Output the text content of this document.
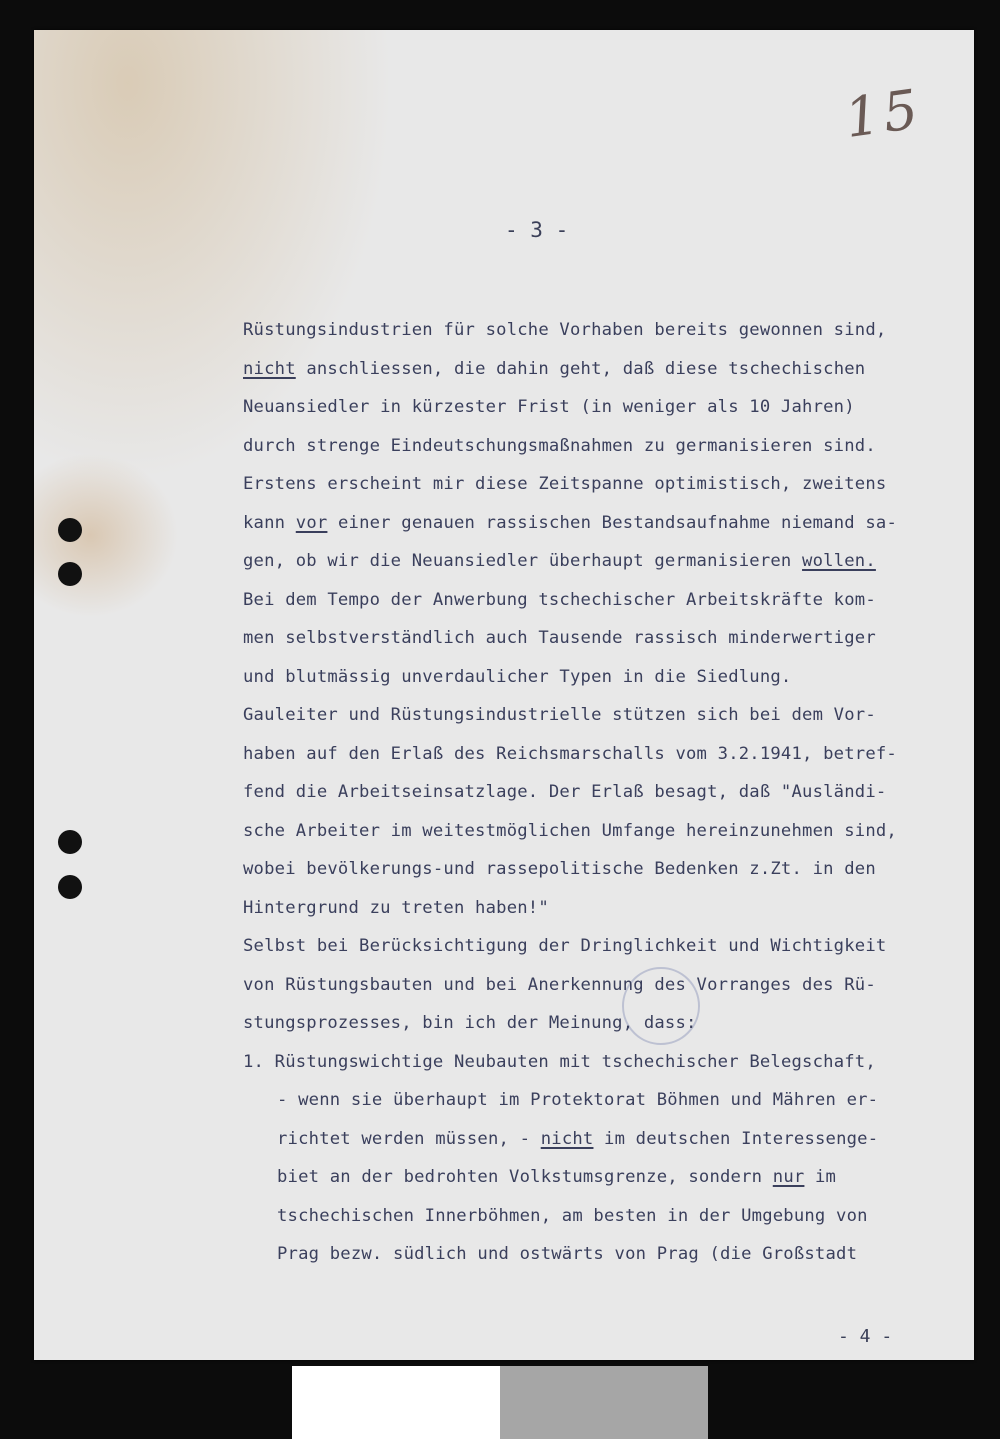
15
- 3 -
Rüstungsindustrien für solche Vorhaben bereits gewonnen sind,
nicht anschliessen, die dahin geht, daß diese tschechischen
Neuansiedler in kürzester Frist (in weniger als 10 Jahren)
durch strenge Eindeutschungsmaßnahmen zu germanisieren sind.
Erstens erscheint mir diese Zeitspanne optimistisch, zweitens
kann vor einer genauen rassischen Bestandsaufnahme niemand sa-
gen, ob wir die Neuansiedler überhaupt germanisieren wollen.
Bei dem Tempo der Anwerbung tschechischer Arbeitskräfte kom-
men selbstverständlich auch Tausende rassisch minderwertiger
und blutmässig unverdaulicher Typen in die Siedlung.
Gauleiter und Rüstungsindustrielle stützen sich bei dem Vor-
haben auf den Erlaß des Reichsmarschalls vom 3.2.1941, betref-
fend die Arbeitseinsatzlage. Der Erlaß besagt, daß "Ausländi-
sche Arbeiter im weitestmöglichen Umfange hereinzunehmen sind,
wobei bevölkerungs-und rassepolitische Bedenken z.Zt. in den
Hintergrund zu treten haben!"
Selbst bei Berücksichtigung der Dringlichkeit und Wichtigkeit
von Rüstungsbauten und bei Anerkennung des Vorranges des Rü-
stungsprozesses, bin ich der Meinung, dass:
1. Rüstungswichtige Neubauten mit tschechischer Belegschaft,
- wenn sie überhaupt im Protektorat Böhmen und Mähren er-
richtet werden müssen, - nicht im deutschen Interessenge-
biet an der bedrohten Volkstumsgrenze, sondern nur im
tschechischen Innerböhmen, am besten in der Umgebung von
Prag bezw. südlich und ostwärts von Prag (die Großstadt
- 4 -
